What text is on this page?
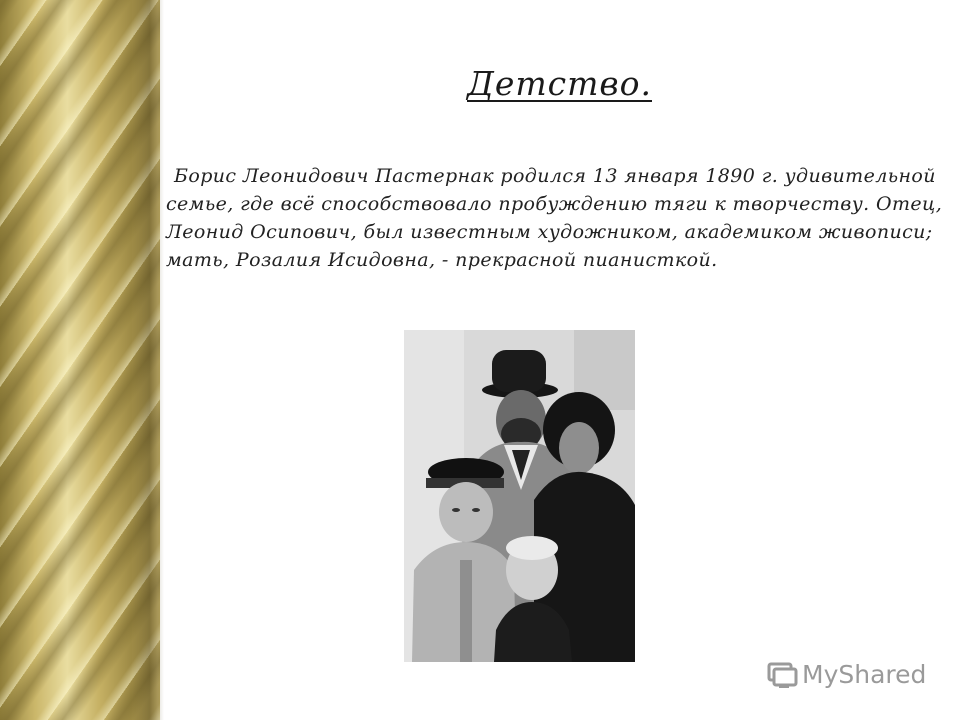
Детство.

Борис Леонидович Пастернак родился 13 января 1890 г. удивительной семье, где всё способствовало пробуждению тяги к творчеству. Отец, Леонид Осипович, был известным художником, академиком живописи; мать, Розалия Исидовна, - прекрасной пианисткой.

MyShared
